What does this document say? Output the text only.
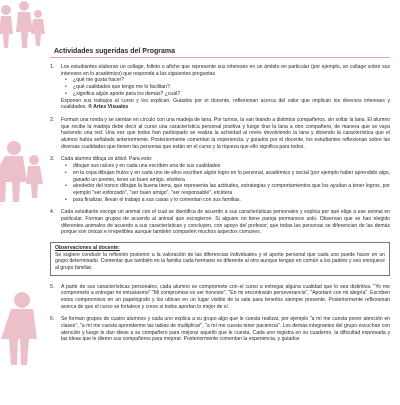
Actividades sugeridas del Programa
1. Los estudiantes elaboran un collage, folleto o afiche que represente sus intereses en un ámbito en particular (por ejemplo, un collage sobre sus intereses en lo académico) que responda a las siguientes preguntas
• ¿qué me gusta hacer?
• ¿qué cualidades que tengo me lo facilitan?
• ¿significa algún aporte para los demás? ¿cuál?
Exponen sus trabajos al curso y los explican. Guiados por el docente, reflexionan acerca del valor que implican los diversos intereses y cualidades. ® Artes Visuales
2. Forman una ronda y se sientan en círculo con una madeja de lana. Por turnos, la van tirando a distintos compañeros, sin soltar la lana. El alumno que recibe la madeja debe decir al curso una característica personal positiva y luego tirar la lana a otro compañero, de manera que se vaya haciendo una red. Una vez que todos han participado se realiza la actividad al revés devolviendo la lana y diciendo la característica que el alumno había señalado anteriormente. Posteriormente comentan la experiencia, y guiados por el docente, los estudiantes reflexionan sobre las diversas cualidades que tienen las personas que están en el curso y la riqueza que ello significa para todos.
3. Cada alumno dibuja un árbol. Para esto:
• dibujan sus raíces y en cada una escriben una de sus cualidades
• en la copa dibujan frutos y en cada uno de ellos escriben algún logro en lo personal, académico y social (por ejemplo haber aprendido algo, ganado un premio, tener un buen amigo, etcétera
• alrededor del tronco dibujan la buena tierra, que representa las actitudes, estrategias y comportamientos que los ayudan a tener logros, por ejemplo "ser esforzado", "ser buen amigo", "ser responsable", etcétera
• para finalizar, llevan el trabajo a sus casas y lo comentan con sus familias.
4. Cada estudiante escoge un animal con el cual se identifica de acuerdo a sus características personales y explica por qué elige a ese animal en particular. Forman grupos de acuerdo al animal que escogieron. Si alguien no tiene pareja permanece solo. Observan que se han elegido diferentes animales de acuerdo a sus características y concluyen, con apoyo del profesor, que todas las personas se diferencian de las demás porque son únicas e irrepetibles aunque también comparten muchos aspectos comunes.
Observaciones al docente:
Se sugiere conducir la reflexión posterior a la valoración de las diferencias individuales y el aporte personal que cada uno puede hacer en un grupo determinado. Comentar que también en la familia cada hermano es diferente al otro aunque tengan en común a los padres y eso enriquece al grupo familiar.
5. A partir de sus características personales, cada alumno se compromete con el curso a entregar alguna cualidad que lo sea distintiva. "Yo me comprometo a entregar mi entusiasmo" "Mi compromiso es ser honesto", "En mi encontrarán perseverancia", "Aportaré con mi alegría". Escriben estos compromisos en un papelógrafo y los ubican en un lugar visible de la sala para tenerlos siempre presente. Posteriormente reflexionan acerca de que el curso se fortalece y crece si todos aportan lo mejor de sí.
6. Se forman grupos de cuatro alumnos y cada uno explica a su grupo algo que le cuesta realizar, por ejemplo "a mí me cuesta poner atención en clases", "a mí me cuesta aprenderme las tablas de multiplicar", "a mí me cuesta tener paciencia". Los demás integrantes del grupo escuchan con atención y luego le dan ideas a su compañero para mejorar aquello que le cuesta. Cada uno registra en su cuaderno, la dificultad expresada y las ideas que le dieron sus compañeros para mejorar. Posteriormente comentan la experiencia, y guiados
